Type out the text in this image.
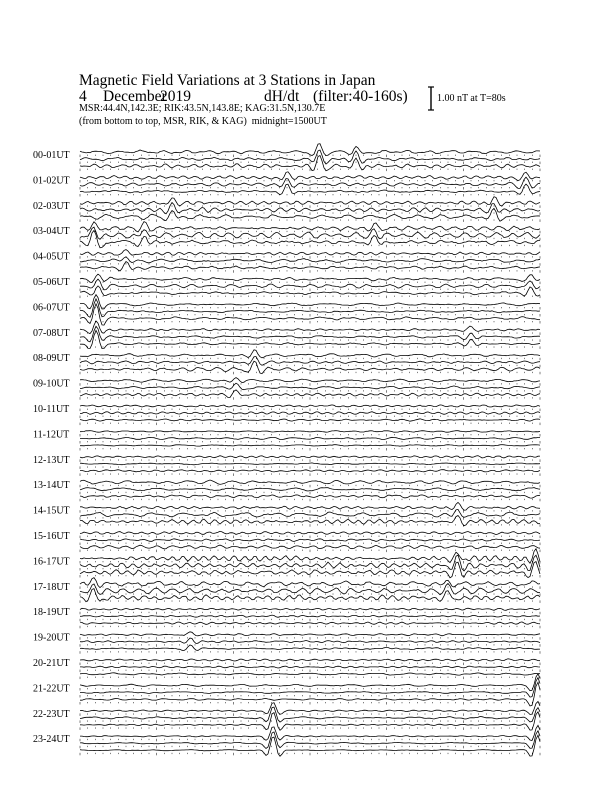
Magnetic Field Variations at 3 Stations in Japan
4 December2019	dH/dt (filter:40-160s)
MSR:44.4N,142.3E; RIK:43.5N,143.8E; KAG:31.5N,130.7E
(from bottom to top, MSR, RIK, & KAG) midnight=1500UT
1.00 nT at T=80s
00-01UT
01-02UT
02-03UT
03-04UT
04-05UT
05-06UT
06-07UT
07-08UT
08-09UT
09-10UT
10-11UT
11-12UT
12-13UT
13-14UT
14-15UT
15-16UT
16-17UT
17-18UT
18-19UT
19-20UT
20-21UT
21-22UT
22-23UT
23-24UT
